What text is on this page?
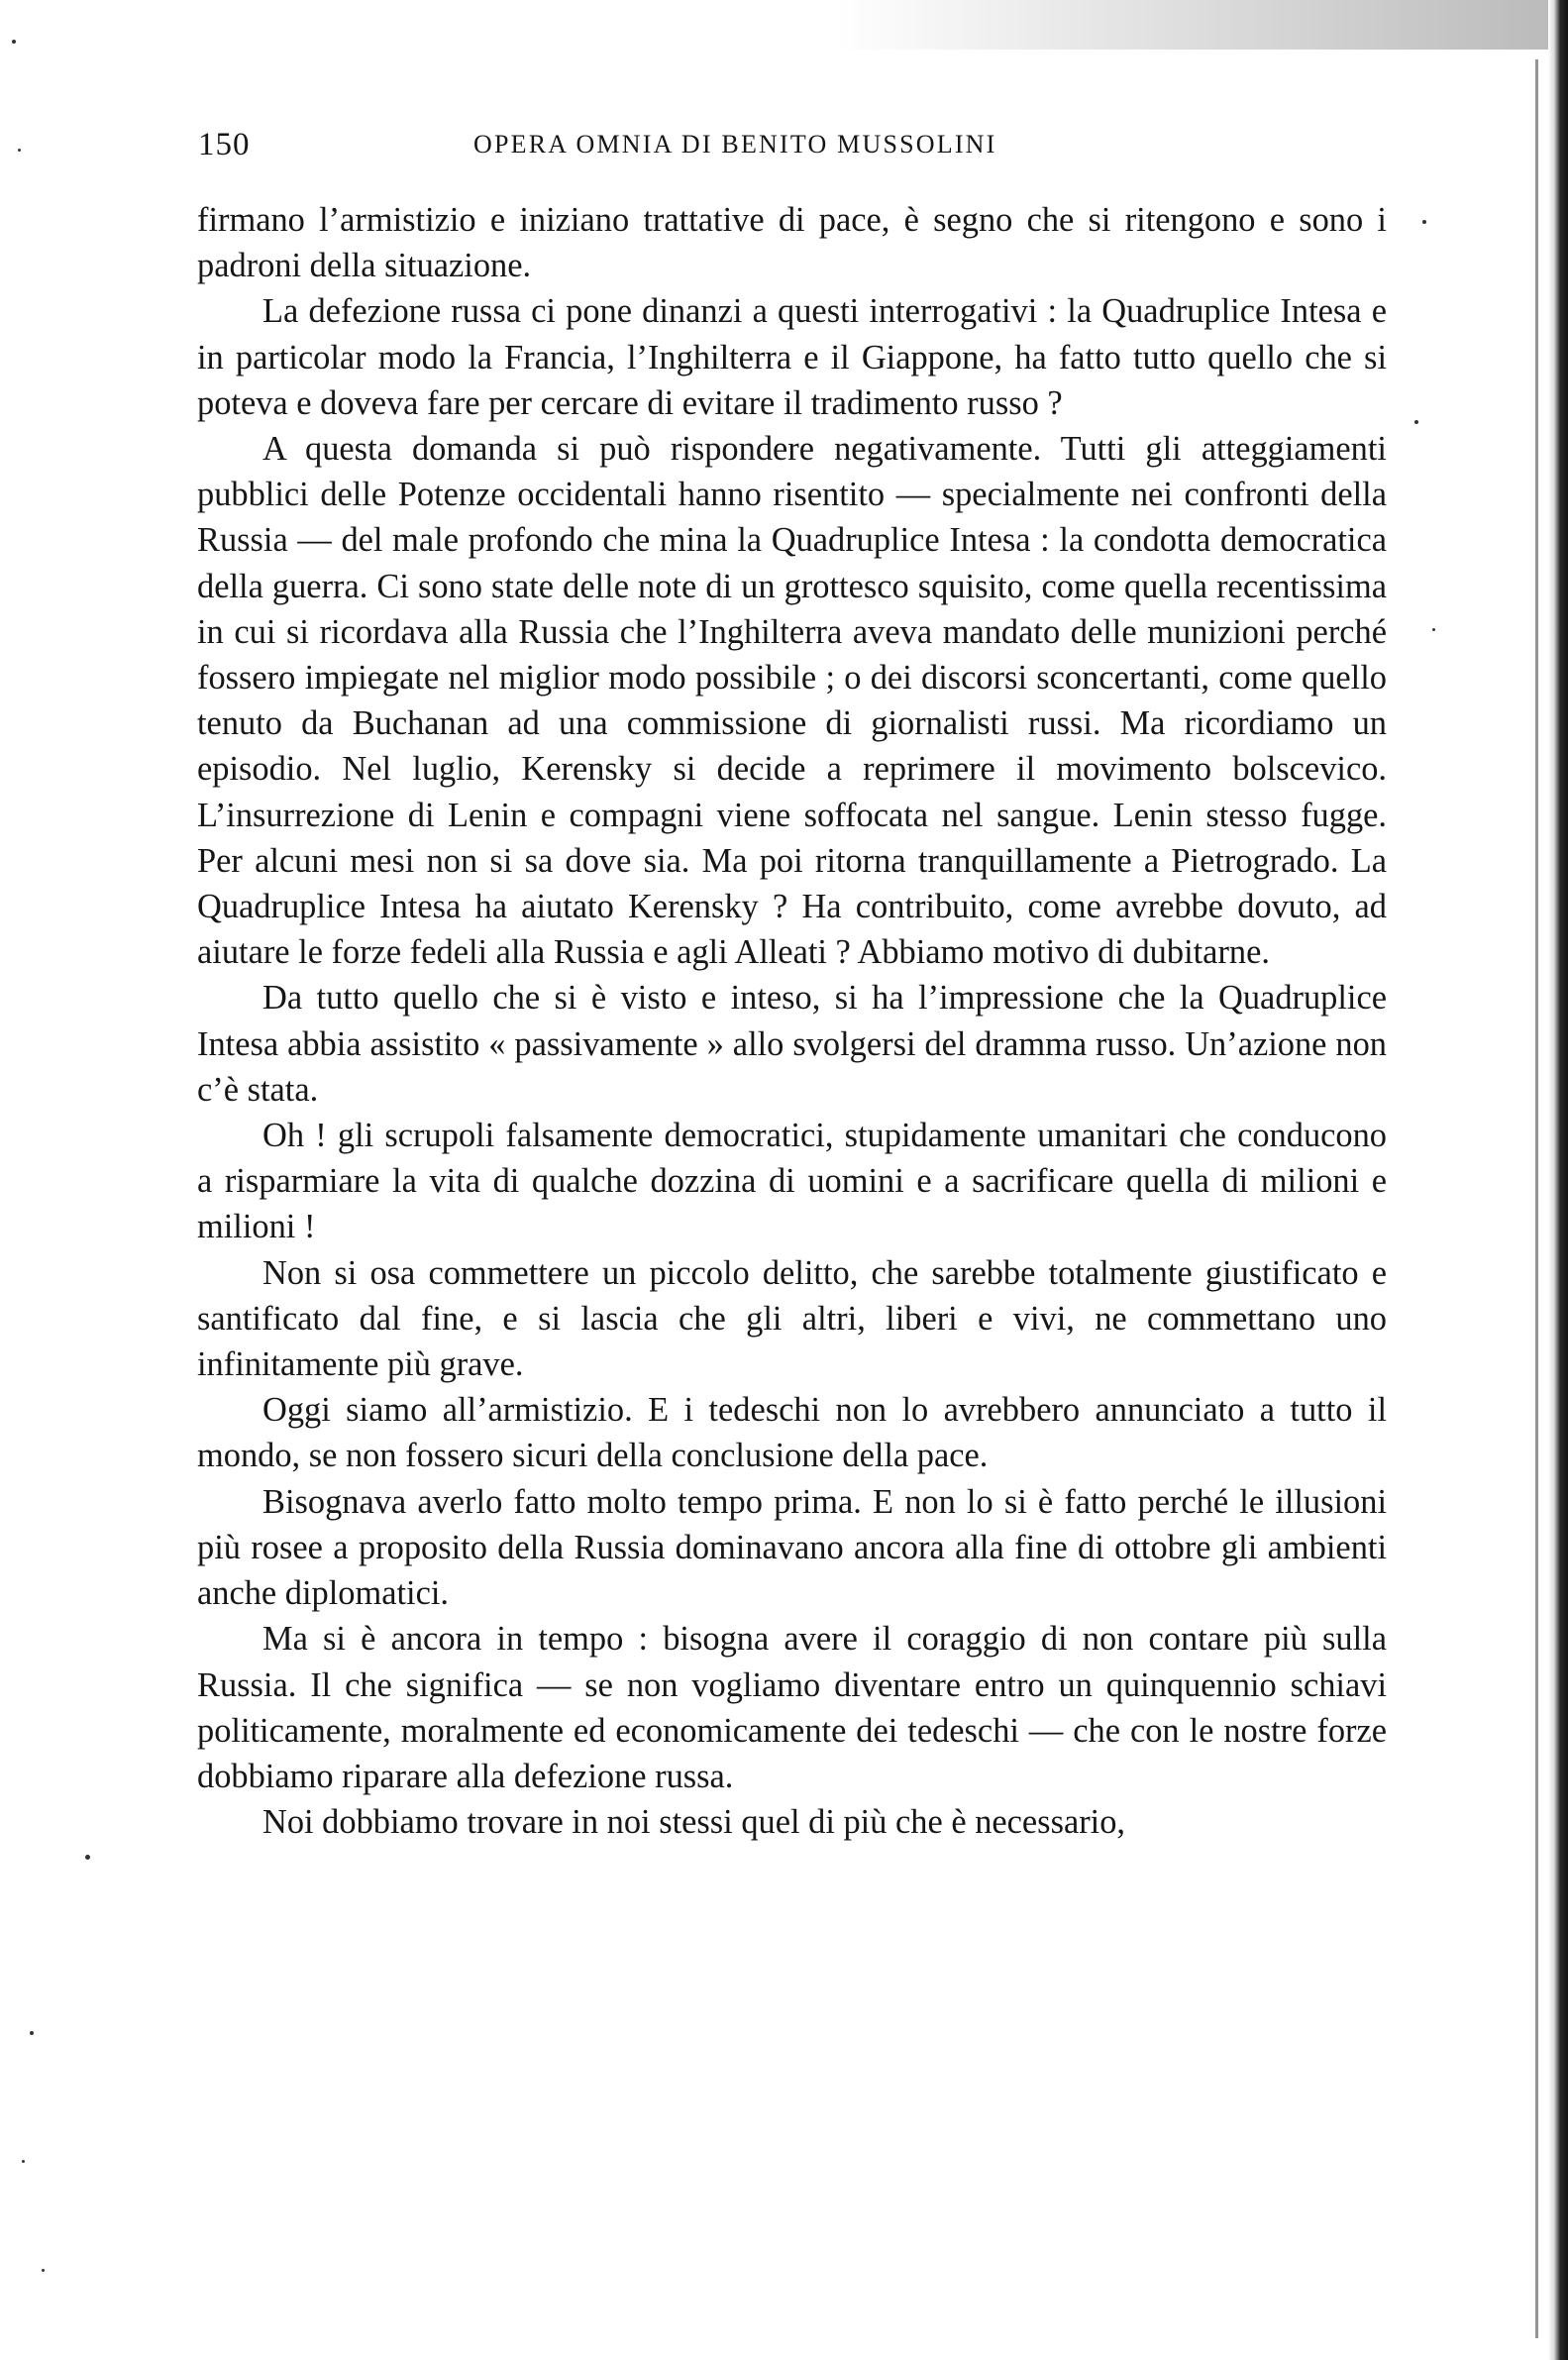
150	OPERA OMNIA DI BENITO MUSSOLINI

firmano l’armistizio e iniziano trattative di pace, è segno che si ritengono e sono i padroni della situazione.

La defezione russa ci pone dinanzi a questi interrogativi : la Quadruplice Intesa e in particolar modo la Francia, l’Inghilterra e il Giappone, ha fatto tutto quello che si poteva e doveva fare per cercare di evitare il tradimento russo ?

A questa domanda si può rispondere negativamente. Tutti gli atteggiamenti pubblici delle Potenze occidentali hanno risentito — specialmente nei confronti della Russia — del male profondo che mina la Quadruplice Intesa : la condotta democratica della guerra. Ci sono state delle note di un grottesco squisito, come quella recentissima in cui si ricordava alla Russia che l’Inghilterra aveva mandato delle munizioni perché fossero impiegate nel miglior modo possibile ; o dei discorsi sconcertanti, come quello tenuto da Buchanan ad una commissione di giornalisti russi. Ma ricordiamo un episodio. Nel luglio, Kerensky si decide a reprimere il movimento bolscevico. L’insurrezione di Lenin e compagni viene soffocata nel sangue. Lenin stesso fugge. Per alcuni mesi non si sa dove sia. Ma poi ritorna tranquillamente a Pietrogrado. La Quadruplice Intesa ha aiutato Kerensky ? Ha contribuito, come avrebbe dovuto, ad aiutare le forze fedeli alla Russia e agli Alleati ? Abbiamo motivo di dubitarne.

Da tutto quello che si è visto e inteso, si ha l’impressione che la Quadruplice Intesa abbia assistito « passivamente » allo svolgersi del dramma russo. Un’azione non c’è stata.

Oh ! gli scrupoli falsamente democratici, stupidamente umanitari che conducono a risparmiare la vita di qualche dozzina di uomini e a sacrificare quella di milioni e milioni !

Non si osa commettere un piccolo delitto, che sarebbe totalmente giustificato e santificato dal fine, e si lascia che gli altri, liberi e vivi, ne commettano uno infinitamente più grave.

Oggi siamo all’armistizio. E i tedeschi non lo avrebbero annunciato a tutto il mondo, se non fossero sicuri della conclusione della pace.

Bisognava averlo fatto molto tempo prima. E non lo si è fatto perché le illusioni più rosee a proposito della Russia dominavano ancora alla fine di ottobre gli ambienti anche diplomatici.

Ma si è ancora in tempo : bisogna avere il coraggio di non contare più sulla Russia. Il che significa — se non vogliamo diventare entro un quinquennio schiavi politicamente, moralmente ed economicamente dei tedeschi — che con le nostre forze dobbiamo riparare alla defezione russa.

Noi dobbiamo trovare in noi stessi quel di più che è necessario,
